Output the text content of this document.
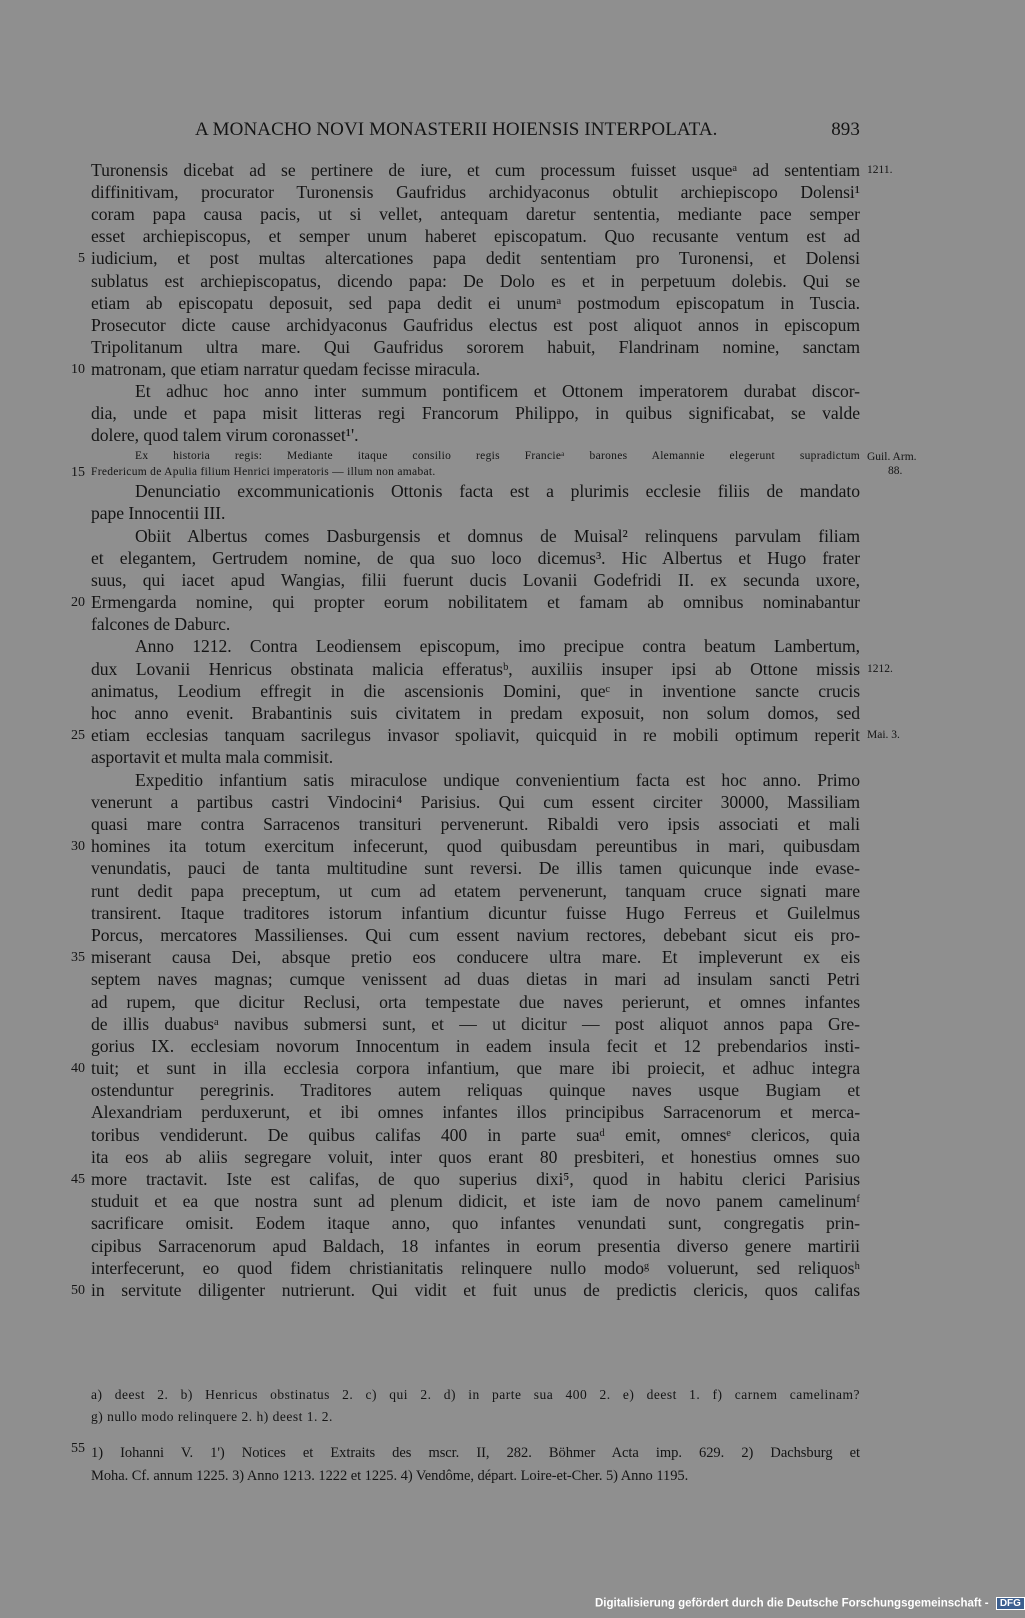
A MONACHO NOVI MONASTERII HOIENSIS INTERPOLATA.	893
Turonensis dicebat ad se pertinere de iure, et cum processum fuisset usqueᵃ ad sententiam
diffinitivam, procurator Turonensis Gaufridus archidyaconus obtulit archiepiscopo Dolensi¹
coram papa causa pacis, ut si vellet, antequam daretur sententia, mediante pace semper
esset archiepiscopus, et semper unum haberet episcopatum. Quo recusante ventum est ad
iudicium, et post multas altercationes papa dedit sententiam pro Turonensi, et Dolensi
sublatus est archiepiscopatus, dicendo papa: De Dolo es et in perpetuum dolebis. Qui se
etiam ab episcopatu deposuit, sed papa dedit ei unumᵃ postmodum episcopatum in Tuscia.
Prosecutor dicte cause archidyaconus Gaufridus electus est post aliquot annos in episcopum
Tripolitanum ultra mare. Qui Gaufridus sororem habuit, Flandrinam nomine, sanctam
matronam, que etiam narratur quedam fecisse miracula.
Et adhuc hoc anno inter summum pontificem et Ottonem imperatorem durabat discor-
dia, unde et papa misit litteras regi Francorum Philippo, in quibus significabat, se valde
dolere, quod talem virum coronasset¹'.
Ex historia regis: Mediante itaque consilio regis Francieᵃ barones Alemannie elegerunt supradictum
Fredericum de Apulia filium Henrici imperatoris — illum non amabat.
Denunciatio excommunicationis Ottonis facta est a plurimis ecclesie filiis de mandato
pape Innocentii III.
Obiit Albertus comes Dasburgensis et domnus de Muisal² relinquens parvulam filiam
et elegantem, Gertrudem nomine, de qua suo loco dicemus³. Hic Albertus et Hugo frater
suus, qui iacet apud Wangias, filii fuerunt ducis Lovanii Godefridi II. ex secunda uxore,
Ermengarda nomine, qui propter eorum nobilitatem et famam ab omnibus nominabantur
falcones de Daburc.
Anno 1212. Contra Leodiensem episcopum, imo precipue contra beatum Lambertum,
dux Lovanii Henricus obstinata malicia efferatusᵇ, auxiliis insuper ipsi ab Ottone missis
animatus, Leodium effregit in die ascensionis Domini, queᶜ in inventione sancte crucis
hoc anno evenit. Brabantinis suis civitatem in predam exposuit, non solum domos, sed
etiam ecclesias tanquam sacrilegus invasor spoliavit, quicquid in re mobili optimum reperit
asportavit et multa mala commisit.
Expeditio infantium satis miraculose undique convenientium facta est hoc anno. Primo
venerunt a partibus castri Vindocini⁴ Parisius. Qui cum essent circiter 30000, Massiliam
quasi mare contra Sarracenos transituri pervenerunt. Ribaldi vero ipsis associati et mali
homines ita totum exercitum infecerunt, quod quibusdam pereuntibus in mari, quibusdam
venundatis, pauci de tanta multitudine sunt reversi. De illis tamen quicunque inde evase-
runt dedit papa preceptum, ut cum ad etatem pervenerunt, tanquam cruce signati mare
transirent. Itaque traditores istorum infantium dicuntur fuisse Hugo Ferreus et Guilelmus
Porcus, mercatores Massilienses. Qui cum essent navium rectores, debebant sicut eis pro-
miserant causa Dei, absque pretio eos conducere ultra mare. Et impleverunt ex eis
septem naves magnas; cumque venissent ad duas dietas in mari ad insulam sancti Petri
ad rupem, que dicitur Reclusi, orta tempestate due naves perierunt, et omnes infantes
de illis duabusᵃ navibus submersi sunt, et — ut dicitur — post aliquot annos papa Gre-
gorius IX. ecclesiam novorum Innocentum in eadem insula fecit et 12 prebendarios insti-
tuit; et sunt in illa ecclesia corpora infantium, que mare ibi proiecit, et adhuc integra
ostenduntur peregrinis. Traditores autem reliquas quinque naves usque Bugiam et
Alexandriam perduxerunt, et ibi omnes infantes illos principibus Sarracenorum et merca-
toribus vendiderunt. De quibus califas 400 in parte suaᵈ emit, omnesᵉ clericos, quia
ita eos ab aliis segregare voluit, inter quos erant 80 presbiteri, et honestius omnes suo
more tractavit. Iste est califas, de quo superius dixi⁵, quod in habitu clerici Parisius
studuit et ea que nostra sunt ad plenum didicit, et iste iam de novo panem camelinumᶠ
sacrificare omisit. Eodem itaque anno, quo infantes venundati sunt, congregatis prin-
cipibus Sarracenorum apud Baldach, 18 infantes in eorum presentia diverso genere martirii
interfecerunt, eo quod fidem christianitatis relinquere nullo modoᵍ voluerunt, sed reliquosʰ
in servitute diligenter nutrierunt. Qui vidit et fuit unus de predictis clericis, quos califas
5
10
15
20
25
30
35
40
45
50
55
1211.
Guil. Arm.
88.
1212.
Mai. 3.
a) deest 2. b) Henricus obstinatus 2. c) qui 2. d) in parte sua 400 2. e) deest 1. f) carnem camelinam?
g) nullo modo relinquere 2. h) deest 1. 2.
1) Iohanni V. 1') Notices et Extraits des mscr. II, 282. Böhmer Acta imp. 629. 2) Dachsburg et
Moha. Cf. annum 1225. 3) Anno 1213. 1222 et 1225. 4) Vendôme, départ. Loire-et-Cher. 5) Anno 1195.
Digitalisierung gefördert durch die Deutsche Forschungsgemeinschaft - DFG
